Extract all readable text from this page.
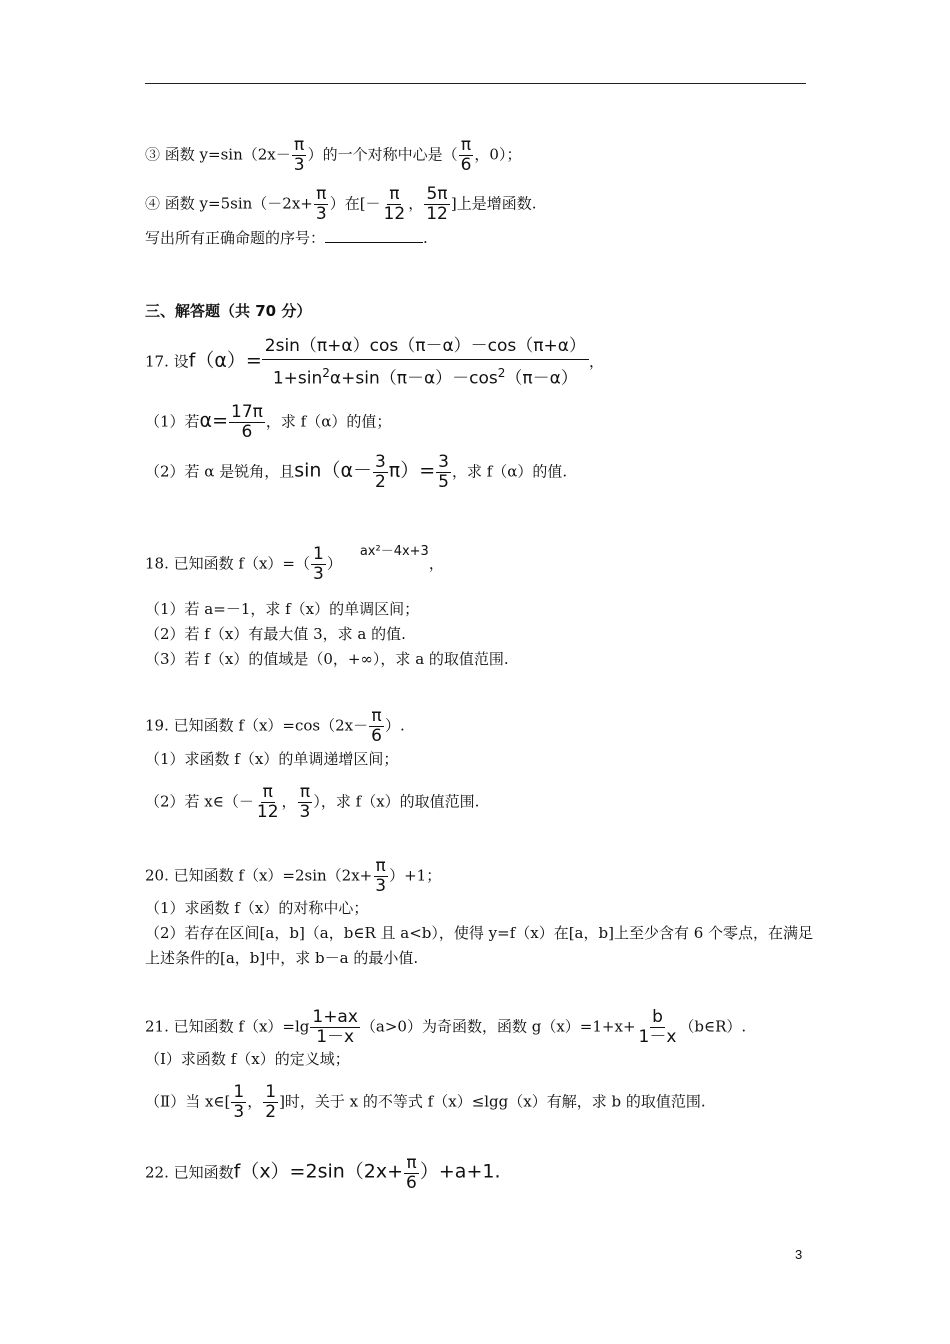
③ 函数 $y=\sin(2x- \frac{\pi}{3}$ ）的一个对称中心是（ $\frac{\pi}{6}$ ，0）；
④ 函数 $y=5\sin(-2x+ \frac{\pi}{3}$ ）在[－ $\frac{\pi}{12}$ ， $\frac{5\pi}{12}$ ]上是增函数.
写出所有正确命题的序号：	.
三、解答题（共 70 分）
17. 设$f(\alpha)= \frac{2\sin(\pi+\alpha)\cos(\pi-\alpha)-\cos(\pi+\alpha)}{1+\sin^2\alpha+\sin(\pi-\alpha)-\cos^2(\pi-\alpha)}$ ，
（1）若$\alpha= \frac{17\pi}{6}$ ，求 f（α）的值；
（2）若 α 是锐角，且$\sin(\alpha- \frac{3}{2} \pi)= \frac{3}{5}$ ，求 f（α）的值.
18. 已知函数 $f(x)=( \frac{1}{3} )ax^2-4x+3$，
（1）若 a=－1，求 f（x）的单调区间；
（2）若 f（x）有最大值 3，求 a 的值.
（3）若 f（x）的值域是（0，+∞），求 a 的取值范围.
19. 已知函数 $f(x)=\cos(2x- \frac{\pi}{6}$ ）.
（1）求函数 f（x）的单调递增区间；
（2）若 x∈（－ $\frac{\pi}{12}$ ， $\frac{\pi}{3}$ ），求 f（x）的取值范围.
20. 已知函数 $f(x)=2\sin(2x+ \frac{\pi}{3} )+1$；
（1）求函数 f（x）的对称中心；
（2）若存在区间[a，b]（a，b∈R 且 a<b），使得 y=f（x）在[a，b]上至少含有 6 个零点，在满足
上述条件的[a，b]中，求 b－a 的最小值.
21. 已知函数 $f(x)=\lg \frac{1+ax}{1-x} (a>0)$为奇函数，函数 $g(x)=1+x+ \frac{b}{1-x}$ （b∈R）.
（Ⅰ）求函数 f（x）的定义域；
（Ⅱ）当 x∈[ $\frac{1}{3}$ ， $\frac{1}{2}$ ]时，关于 x 的不等式 f（x）≤lgg（x）有解，求 b 的取值范围.
22. 已知函数$f(x)=2\sin(2x+ \frac{\pi}{6} )+a+1$.
3
